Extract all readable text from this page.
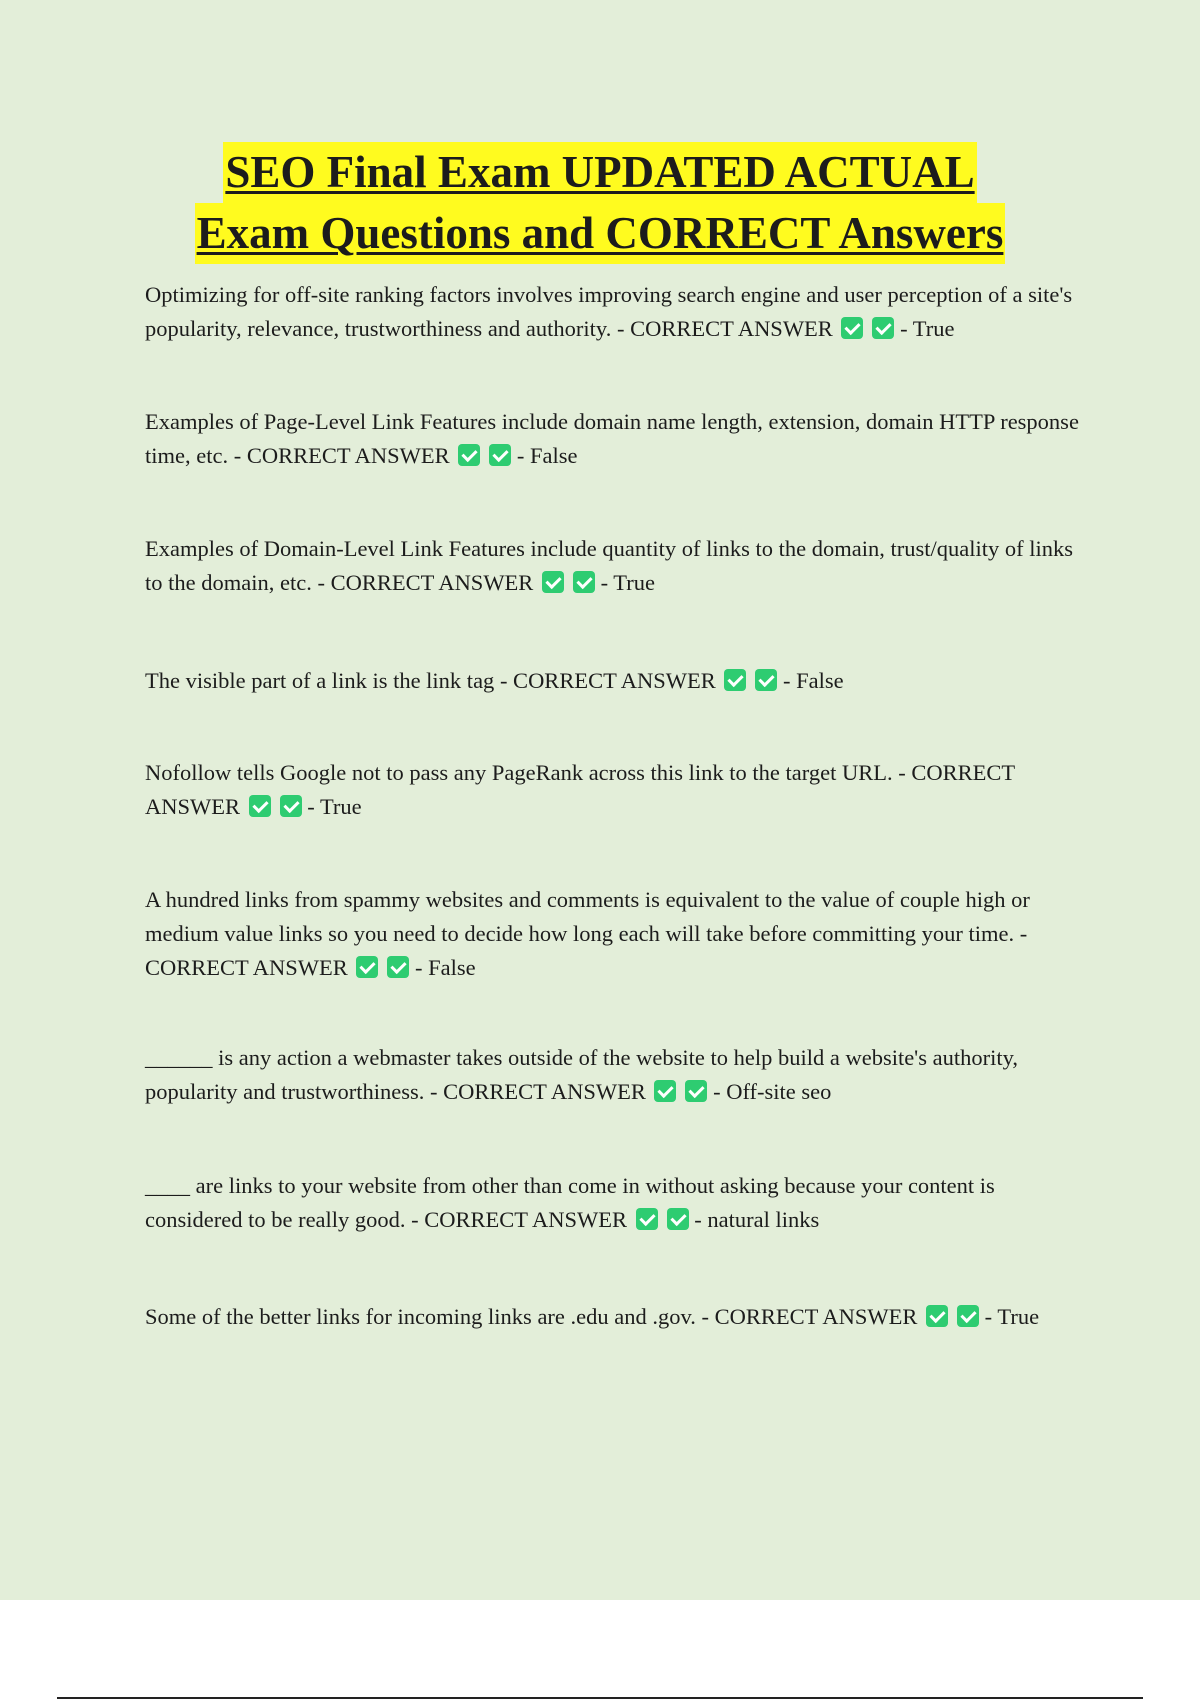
SEO Final Exam UPDATED ACTUAL
Exam Questions and CORRECT Answers

Optimizing for off-site ranking factors involves improving search engine and user perception of a site's popularity, relevance, trustworthiness and authority. - CORRECT ANSWER	- True

Examples of Page-Level Link Features include domain name length, extension, domain HTTP response time, etc. - CORRECT ANSWER	- False

Examples of Domain-Level Link Features include quantity of links to the domain, trust/quality of links to the domain, etc. - CORRECT ANSWER	- True

The visible part of a link is the link tag - CORRECT ANSWER	- False

Nofollow tells Google not to pass any PageRank across this link to the target URL. - CORRECT ANSWER	- True

A hundred links from spammy websites and comments is equivalent to the value of couple high or medium value links so you need to decide how long each will take before committing your time. - CORRECT ANSWER	- False

______ is any action a webmaster takes outside of the website to help build a website's authority, popularity and trustworthiness. - CORRECT ANSWER	- Off-site seo

____ are links to your website from other than come in without asking because your content is considered to be really good. - CORRECT ANSWER	- natural links

Some of the better links for incoming links are .edu and .gov. - CORRECT ANSWER	- True
